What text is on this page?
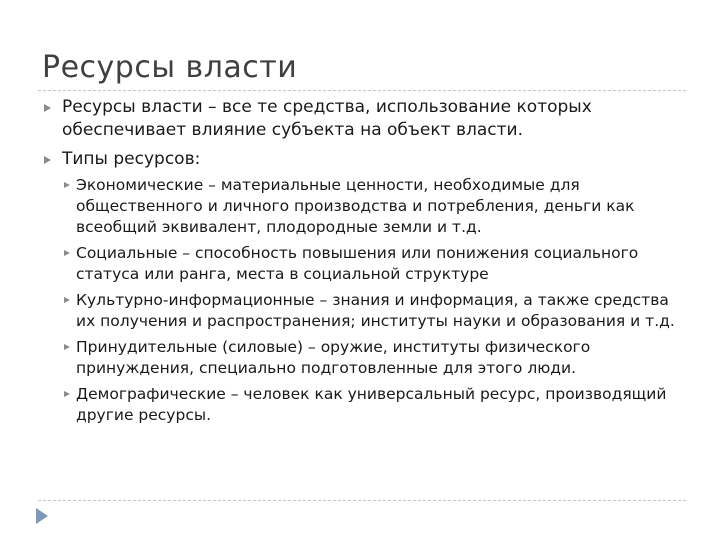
Ресурсы власти
Ресурсы власти – все те средства, использование которых обеспечивает влияние субъекта на объект власти.
Типы ресурсов:
Экономические – материальные ценности, необходимые для общественного и личного производства и потребления, деньги как всеобщий эквивалент, плодородные земли и т.д.
Социальные – способность повышения или понижения социального статуса или ранга, места в социальной структуре
Культурно-информационные – знания и информация, а также средства их получения и распространения; институты науки и образования и т.д.
Принудительные (силовые) – оружие, институты физического принуждения, специально подготовленные для этого люди.
Демографические – человек как универсальный ресурс, производящий другие ресурсы.
